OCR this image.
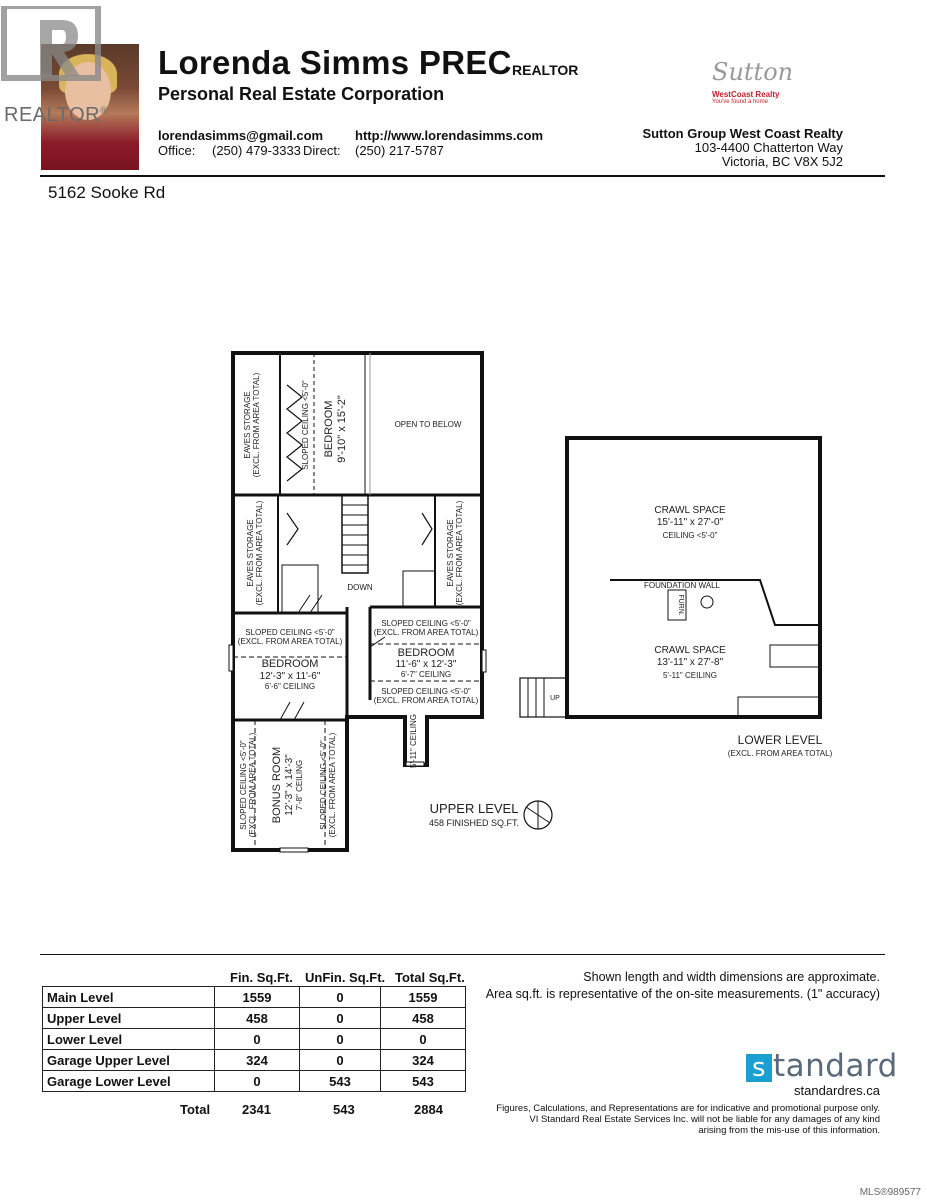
REALTOR®
Lorenda Simms PREC REALTOR
Personal Real Estate Corporation
lorendasimms@gmail.com http://www.lorendasimms.com
Office: (250) 479-3333 Direct: (250) 217-5787
Sutton
WestCoast Realty
You've found a home
Sutton Group West Coast Realty
103-4400 Chatterton Way
Victoria, BC V8X 5J2
5162 Sooke Rd
EAVES STORAGE(EXCL. FROM AREA TOTAL)	SLOPED CEILING <5'-0" BEDROOM9'-10" x 15'-2"	OPEN TO BELOW
EAVES STORAGE(EXCL. FROM AREA TOTAL)	EAVES STORAGE(EXCL. FROM AREA TOTAL)
DOWN
SLOPED CEILING <5'-0" (EXCL. FROM AREA TOTAL)
SLOPED CEILING <5'-0" (EXCL. FROM AREA TOTAL)
BEDROOM 12'-3" x 11'-6" 6'-6" CEILING
BEDROOM 11'-6" x 12'-3" 6'-7" CEILING
SLOPED CEILING <5'-0" (EXCL. FROM AREA TOTAL)
5'-11" CEILING
SLOPED CEILING <5'-0"(EXCL. FROM AREA TOTAL) BONUS ROOM12'-3" x 14'-3"7'-8" CEILING SLOPED CEILING <5'-0"(EXCL. FROM AREA TOTAL)	UPPER LEVEL 458 FINISHED SQ.FT.
CRAWL SPACE 15'-11" x 27'-0" CEILING <5'-0"
FOUNDATION WALL
FURN.
CRAWL SPACE 13'-11" x 27'-8" 5'-11" CEILING
UP
LOWER LEVEL (EXCL. FROM AREA TOTAL)
Fin. Sq.Ft. UnFin. Sq.Ft. Total Sq.Ft.
Main Level	1559	0	1559
Upper Level	458	0	458
Lower Level	0	0	0
Garage Upper Level	324	0	324
Garage Lower Level	0	543	543
Total 2341	543	2884
Shown length and width dimensions are approximate.
Area sq.ft. is representative of the on-site measurements. (1" accuracy)
s tandard
standardres.ca
Figures, Calculations, and Representations are for indicative and promotional purpose only.
VI Standard Real Estate Services Inc. will not be liable for any damages of any kind
arising from the mis-use of this information.
MLS®989577
